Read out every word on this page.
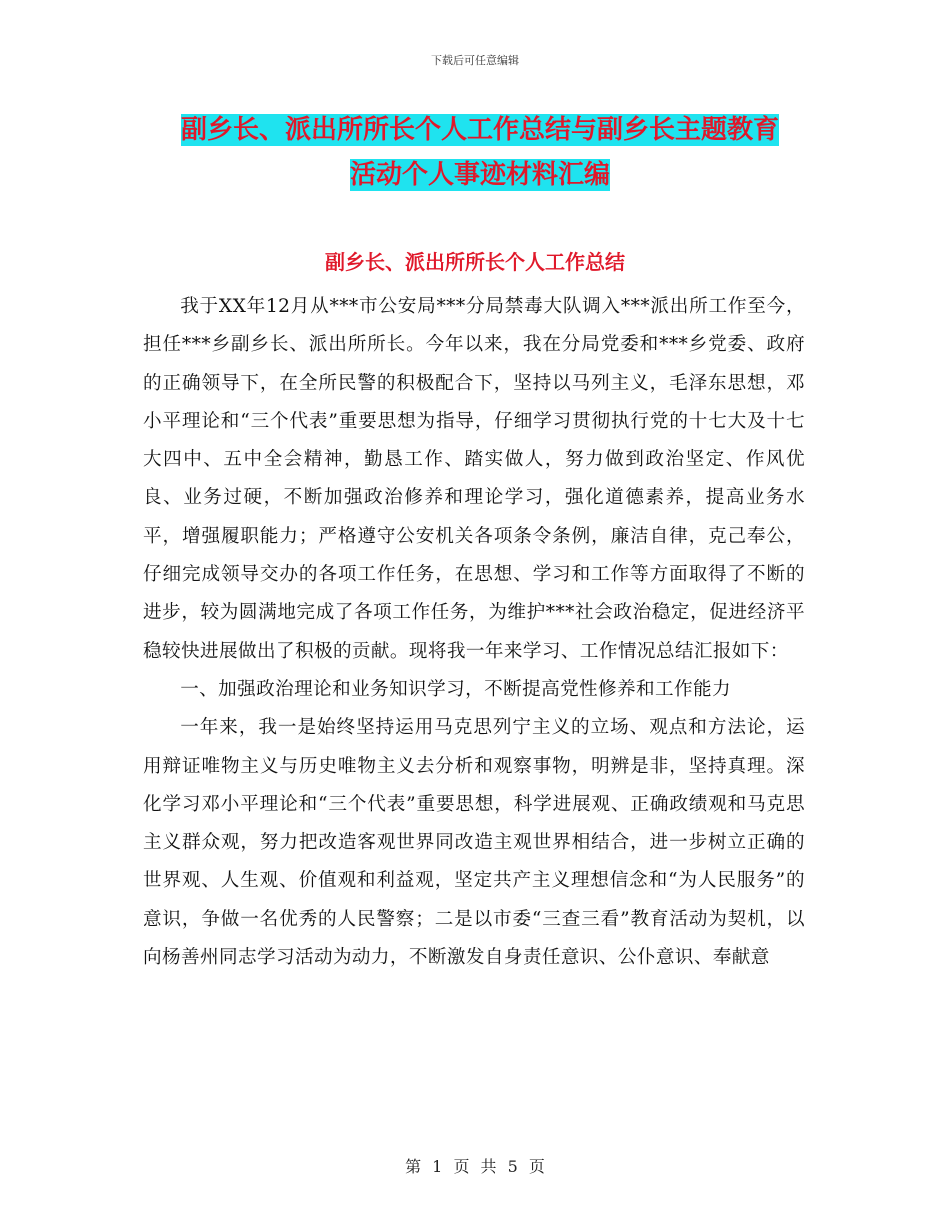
下载后可任意编辑
副乡长、派出所所长个人工作总结与副乡长主题教育
活动个人事迹材料汇编
副乡长、派出所所长个人工作总结

我于XX年12月从***市公安局***分局禁毒大队调入***派出所工作至今，担任***乡副乡长、派出所所长。今年以来，我在分局党委和***乡党委、政府的正确领导下，在全所民警的积极配合下，坚持以马列主义，毛泽东思想，邓小平理论和“三个代表”重要思想为指导，仔细学习贯彻执行党的十七大及十七大四中、五中全会精神，勤恳工作、踏实做人，努力做到政治坚定、作风优良、业务过硬，不断加强政治修养和理论学习，强化道德素养，提高业务水平，增强履职能力；严格遵守公安机关各项条令条例，廉洁自律，克己奉公，仔细完成领导交办的各项工作任务，在思想、学习和工作等方面取得了不断的进步，较为圆满地完成了各项工作任务，为维护***社会政治稳定，促进经济平稳较快进展做出了积极的贡献。现将我一年来学习、工作情况总结汇报如下：

一、加强政治理论和业务知识学习，不断提高党性修养和工作能力

一年来，我一是始终坚持运用马克思列宁主义的立场、观点和方法论，运用辩证唯物主义与历史唯物主义去分析和观察事物，明辨是非，坚持真理。深化学习邓小平理论和“三个代表”重要思想，科学进展观、正确政绩观和马克思主义群众观，努力把改造客观世界同改造主观世界相结合，进一步树立正确的世界观、人生观、价值观和利益观，坚定共产主义理想信念和“为人民服务”的意识，争做一名优秀的人民警察；二是以市委“三查三看”教育活动为契机，以向杨善州同志学习活动为动力，不断激发自身责任意识、公仆意识、奉献意

第 1 页 共 5 页
